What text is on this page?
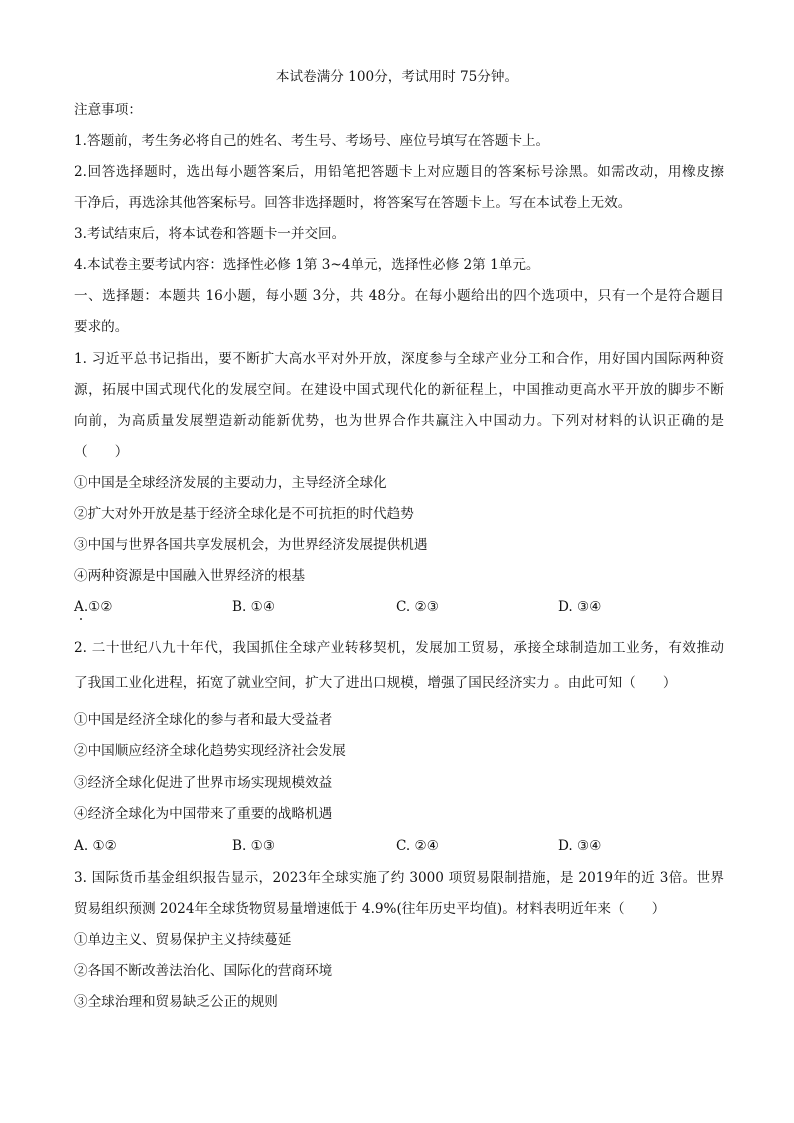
本试卷满分 100分，考试用时 75分钟。
注意事项：
1.答题前，考生务必将自己的姓名、考生号、考场号、座位号填写在答题卡上。
2.回答选择题时，选出每小题答案后，用铅笔把答题卡上对应题目的答案标号涂黑。如需改动，用橡皮擦
干净后，再选涂其他答案标号。回答非选择题时，将答案写在答题卡上。写在本试卷上无效。
3.考试结束后，将本试卷和答题卡一并交回。
4.本试卷主要考试内容：选择性必修 1第 3~4单元，选择性必修 2第 1单元。
一、选择题：本题共 16小题，每小题 3分，共 48分。在每小题给出的四个选项中，只有一个是符合题目
要求的。
1. 习近平总书记指出，要不断扩大高水平对外开放，深度参与全球产业分工和合作，用好国内国际两种资
源，拓展中国式现代化的发展空间。在建设中国式现代化的新征程上，中国推动更高水平开放的脚步不断
向前，为高质量发展塑造新动能新优势，也为世界合作共赢注入中国动力。下列对材料的认识正确的是
（　　）
①中国是全球经济发展的主要动力，主导经济全球化
②扩大对外开放是基于经济全球化是不可抗拒的时代趋势
③中国与世界各国共享发展机会，为世界经济发展提供机遇
④两种资源是中国融入世界经济的根基
A.①②	B. ①④	C. ②③	D. ③④
2. 二十世纪八九十年代，我国抓住全球产业转移契机，发展加工贸易，承接全球制造加工业务，有效推动
了我国工业化进程，拓宽了就业空间，扩大了进出口规模，增强了国民经济实力 。由此可知（　　）
①中国是经济全球化的参与者和最大受益者
②中国顺应经济全球化趋势实现经济社会发展
③经济全球化促进了世界市场实现规模效益
④经济全球化为中国带来了重要的战略机遇
A. ①②	B. ①③	C. ②④	D. ③④
3. 国际货币基金组织报告显示，2023年全球实施了约 3000 项贸易限制措施，是 2019年的近 3倍。世界
贸易组织预测 2024年全球货物贸易量增速低于 4.9%(往年历史平均值)。材料表明近年来（　　）
①单边主义、贸易保护主义持续蔓延
②各国不断改善法治化、国际化的营商环境
③全球治理和贸易缺乏公正的规则
